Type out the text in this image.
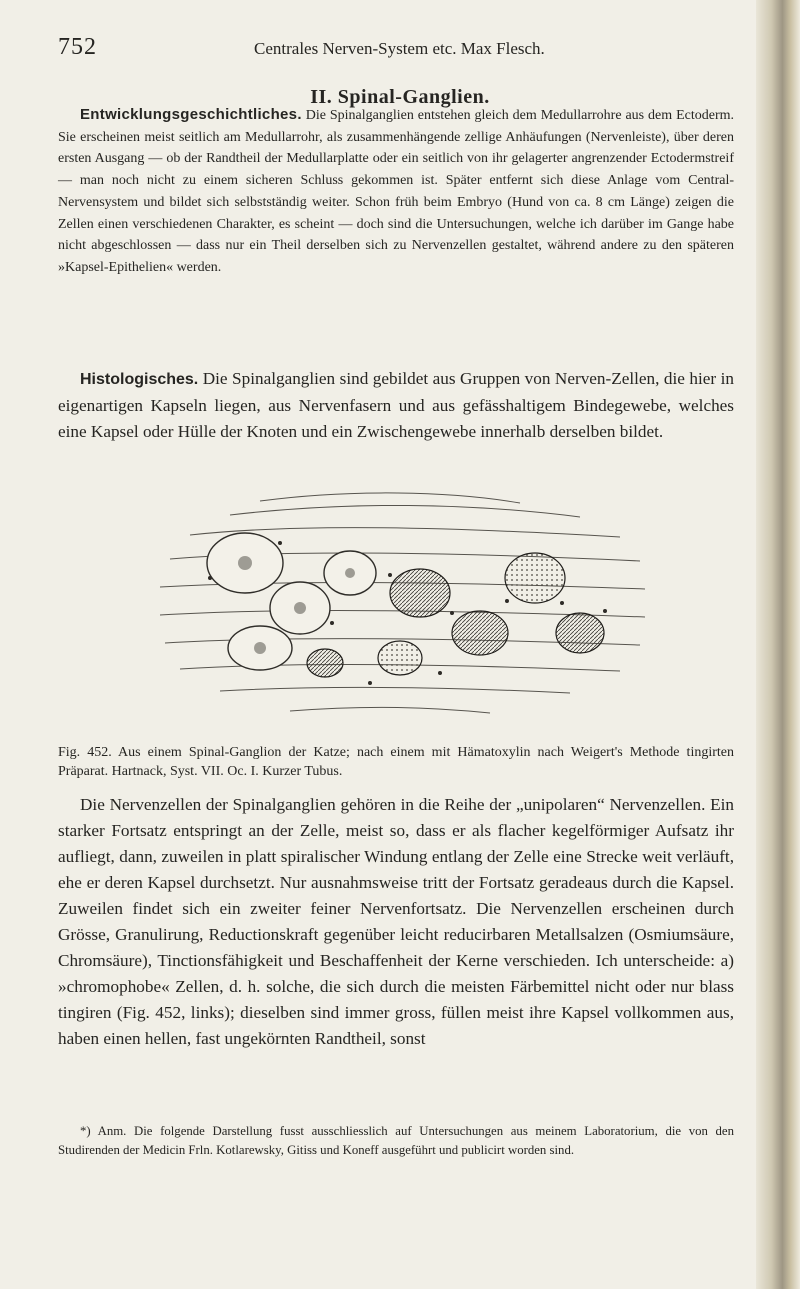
752	Centrales Nerven-System etc. Max Flesch.
II. Spinal-Ganglien.

Entwicklungsgeschichtliches. Die Spinalganglien entstehen gleich dem Medullarrohre aus dem Ectoderm. Sie erscheinen meist seitlich am Medullarrohr, als zusammenhängende zellige Anhäufungen (Nervenleiste), über deren ersten Ausgang — ob der Randtheil der Medullarplatte oder ein seitlich von ihr gelagerter angrenzender Ectodermstreif — man noch nicht zu einem sicheren Schluss gekommen ist. Später entfernt sich diese Anlage vom Central-Nervensystem und bildet sich selbstständig weiter. Schon früh beim Embryo (Hund von ca. 8 cm Länge) zeigen die Zellen einen verschiedenen Charakter, es scheint — doch sind die Untersuchungen, welche ich darüber im Gange habe nicht abgeschlossen — dass nur ein Theil derselben sich zu Nervenzellen gestaltet, während andere zu den späteren »Kapsel-Epithelien« werden.

Histologisches. Die Spinalganglien sind gebildet aus Gruppen von Nerven-Zellen, die hier in eigenartigen Kapseln liegen, aus Nervenfasern und aus gefässhaltigem Bindegewebe, welches eine Kapsel oder Hülle der Knoten und ein Zwischengewebe innerhalb derselben bildet.

Fig. 452. Aus einem Spinal-Ganglion der Katze; nach einem mit Hämatoxylin nach Weigert's Methode tingirten Präparat. Hartnack, Syst. VII. Oc. I. Kurzer Tubus.

Die Nervenzellen der Spinalganglien gehören in die Reihe der „unipolaren“ Nervenzellen. Ein starker Fortsatz entspringt an der Zelle, meist so, dass er als flacher kegelförmiger Aufsatz ihr aufliegt, dann, zuweilen in platt spiralischer Windung entlang der Zelle eine Strecke weit verläuft, ehe er deren Kapsel durchsetzt. Nur ausnahmsweise tritt der Fortsatz geradeaus durch die Kapsel. Zuweilen findet sich ein zweiter feiner Nervenfortsatz. Die Nervenzellen erscheinen durch Grösse, Granulirung, Reductionskraft gegenüber leicht reducirbaren Metallsalzen (Osmiumsäure, Chromsäure), Tinctionsfähigkeit und Beschaffenheit der Kerne verschieden. Ich unterscheide: a) »chromophobe« Zellen, d. h. solche, die sich durch die meisten Färbemittel nicht oder nur blass tingiren (Fig. 452, links); dieselben sind immer gross, füllen meist ihre Kapsel vollkommen aus, haben einen hellen, fast ungekörnten Randtheil, sonst

*) Anm. Die folgende Darstellung fusst ausschliesslich auf Untersuchungen aus meinem Laboratorium, die von den Studirenden der Medicin Frln. Kotlarewsky, Gitiss und Koneff ausgeführt und publicirt worden sind.
